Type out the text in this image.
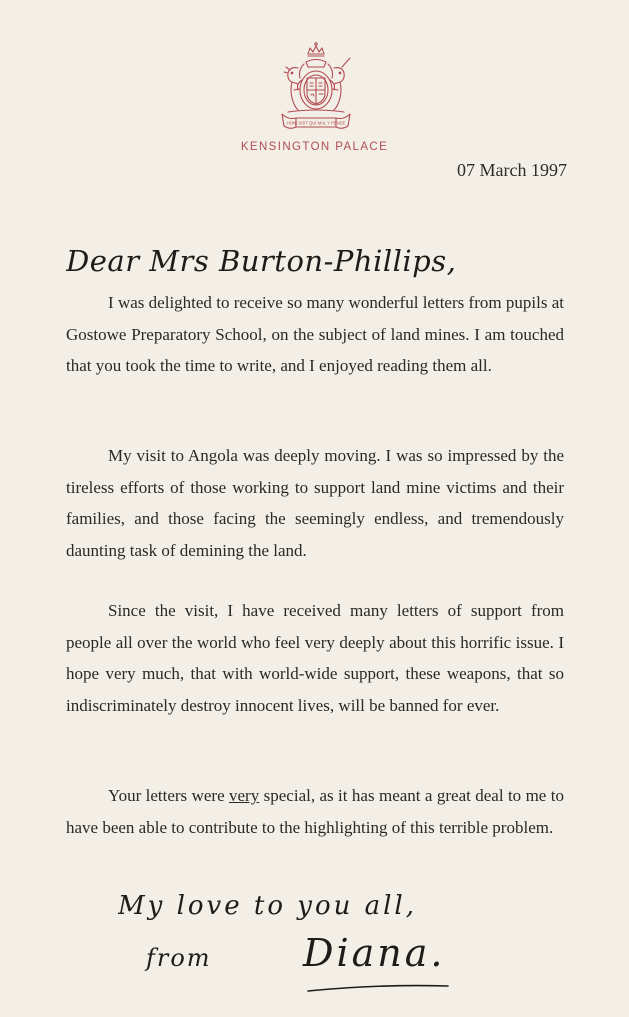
HONI SOIT QUI MAL Y PENSE
KENSINGTON PALACE
07 March 1997
Dear Mrs Burton-Phillips,
I was delighted to receive so many wonderful letters from pupils at Gostowe Preparatory School, on the subject of land mines. I am touched that you took the time to write, and I enjoyed reading them all.
My visit to Angola was deeply moving. I was so impressed by the tireless efforts of those working to support land mine victims and their families, and those facing the seemingly endless, and tremendously daunting task of demining the land.
Since the visit, I have received many letters of support from people all over the world who feel very deeply about this horrific issue. I hope very much, that with world-wide support, these weapons, that so indiscriminately destroy innocent lives, will be banned for ever.
Your letters were very special, as it has meant a great deal to me to have been able to contribute to the highlighting of this terrible problem.
My love to you all,
from Diana.
